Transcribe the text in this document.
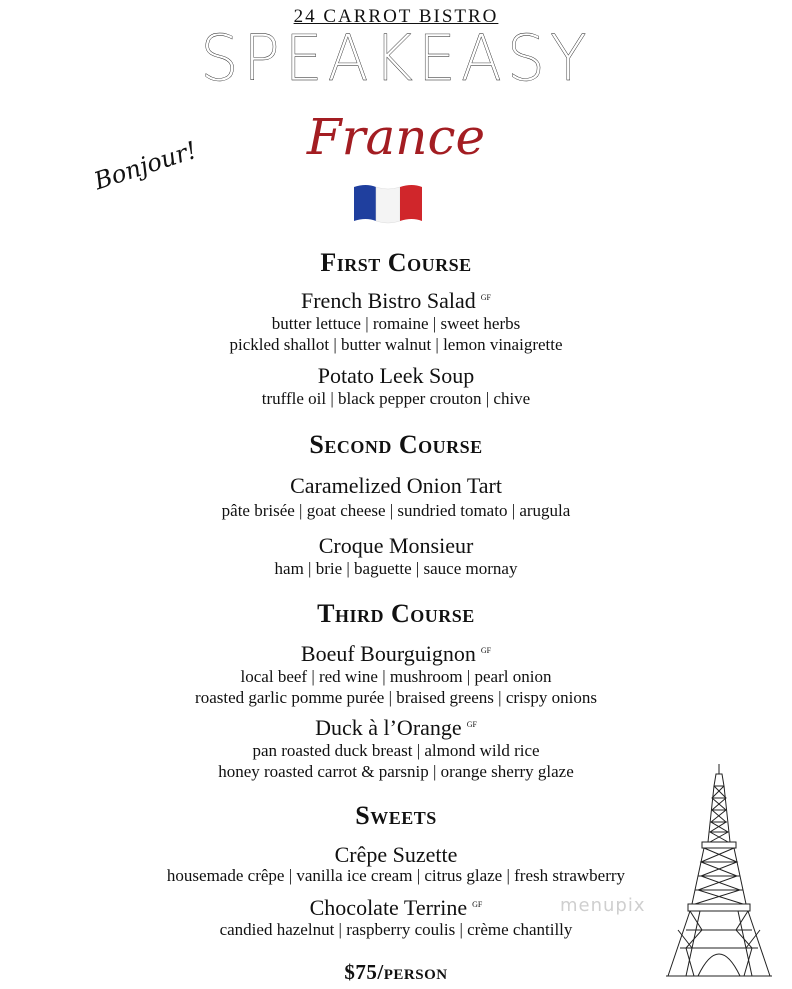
24 CARROT BISTRO
SPEAKEASY
France
Bonjour!
First Course
French Bistro Salad $^{GF}$
butter lettuce | romaine | sweet herbs
pickled shallot | butter walnut | lemon vinaigrette
Potato Leek Soup
truffle oil | black pepper crouton | chive
Second Course
Caramelized Onion Tart
pâte brisée | goat cheese | sundried tomato | arugula
Croque Monsieur
ham | brie | baguette | sauce mornay
Third Course
Boeuf Bourguignon $^{GF}$
local beef | red wine | mushroom | pearl onion
roasted garlic pomme purée | braised greens | crispy onions
Duck à l’Orange $^{GF}$
pan roasted duck breast | almond wild rice
honey roasted carrot & parsnip | orange sherry glaze
Sweets
Crêpe Suzette
housemade crêpe | vanilla ice cream | citrus glaze | fresh strawberry
Chocolate Terrine $^{GF}$
candied hazelnut | raspberry coulis | crème chantilly
$75/person
menupix
